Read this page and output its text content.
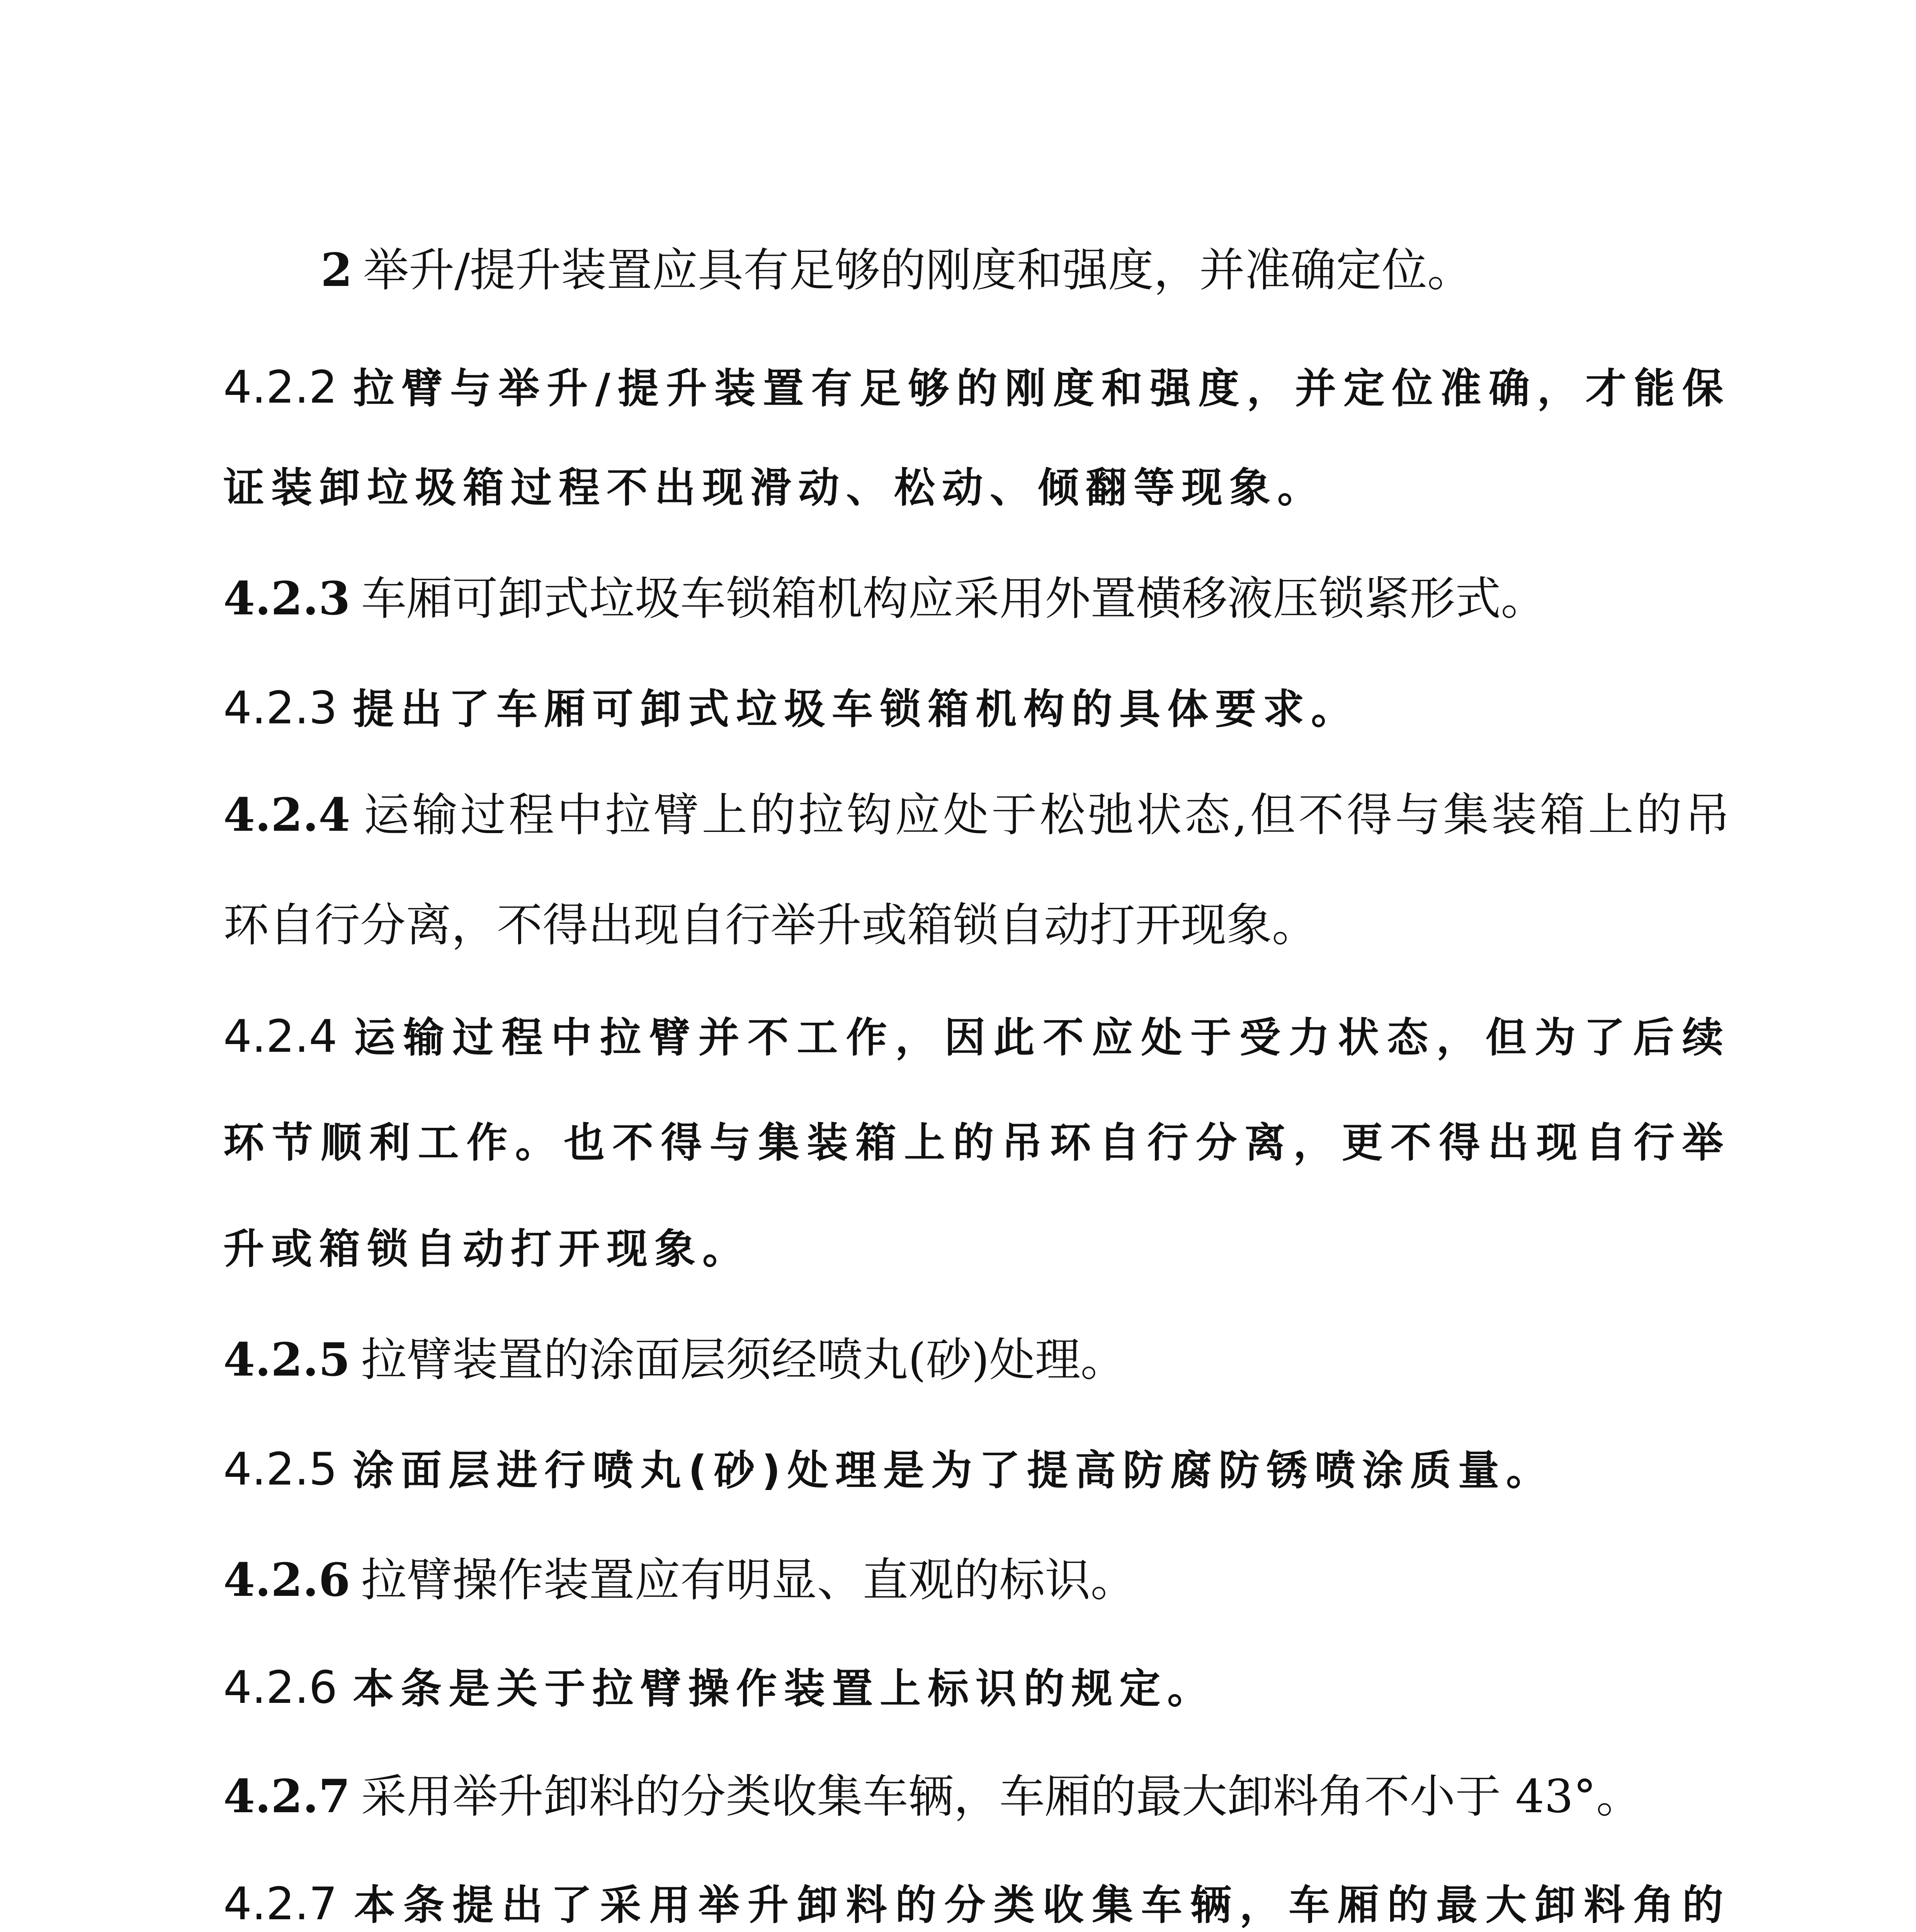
2 举升/提升装置应具有足够的刚度和强度，并准确定位。
4.2.2 拉臂与举升/提升装置有足够的刚度和强度，并定位准确，才能保
证装卸垃圾箱过程不出现滑动、松动、倾翻等现象。
4.2.3 车厢可卸式垃圾车锁箱机构应采用外置横移液压锁紧形式。
4.2.3 提出了车厢可卸式垃圾车锁箱机构的具体要求。
4.2.4 运输过程中拉臂上的拉钩应处于松弛状态,但不得与集装箱上的吊
环自行分离，不得出现自行举升或箱锁自动打开现象。
4.2.4 运输过程中拉臂并不工作，因此不应处于受力状态，但为了后续
环节顺利工作。也不得与集装箱上的吊环自行分离，更不得出现自行举
升或箱锁自动打开现象。
4.2.5 拉臂装置的涂面层须经喷丸(砂)处理。
4.2.5 涂面层进行喷丸(砂)处理是为了提高防腐防锈喷涂质量。
4.2.6 拉臂操作装置应有明显、直观的标识。
4.2.6 本条是关于拉臂操作装置上标识的规定。
4.2.7 采用举升卸料的分类收集车辆，车厢的最大卸料角不小于 43°。
4.2.7 本条提出了采用举升卸料的分类收集车辆，车厢的最大卸料角的
